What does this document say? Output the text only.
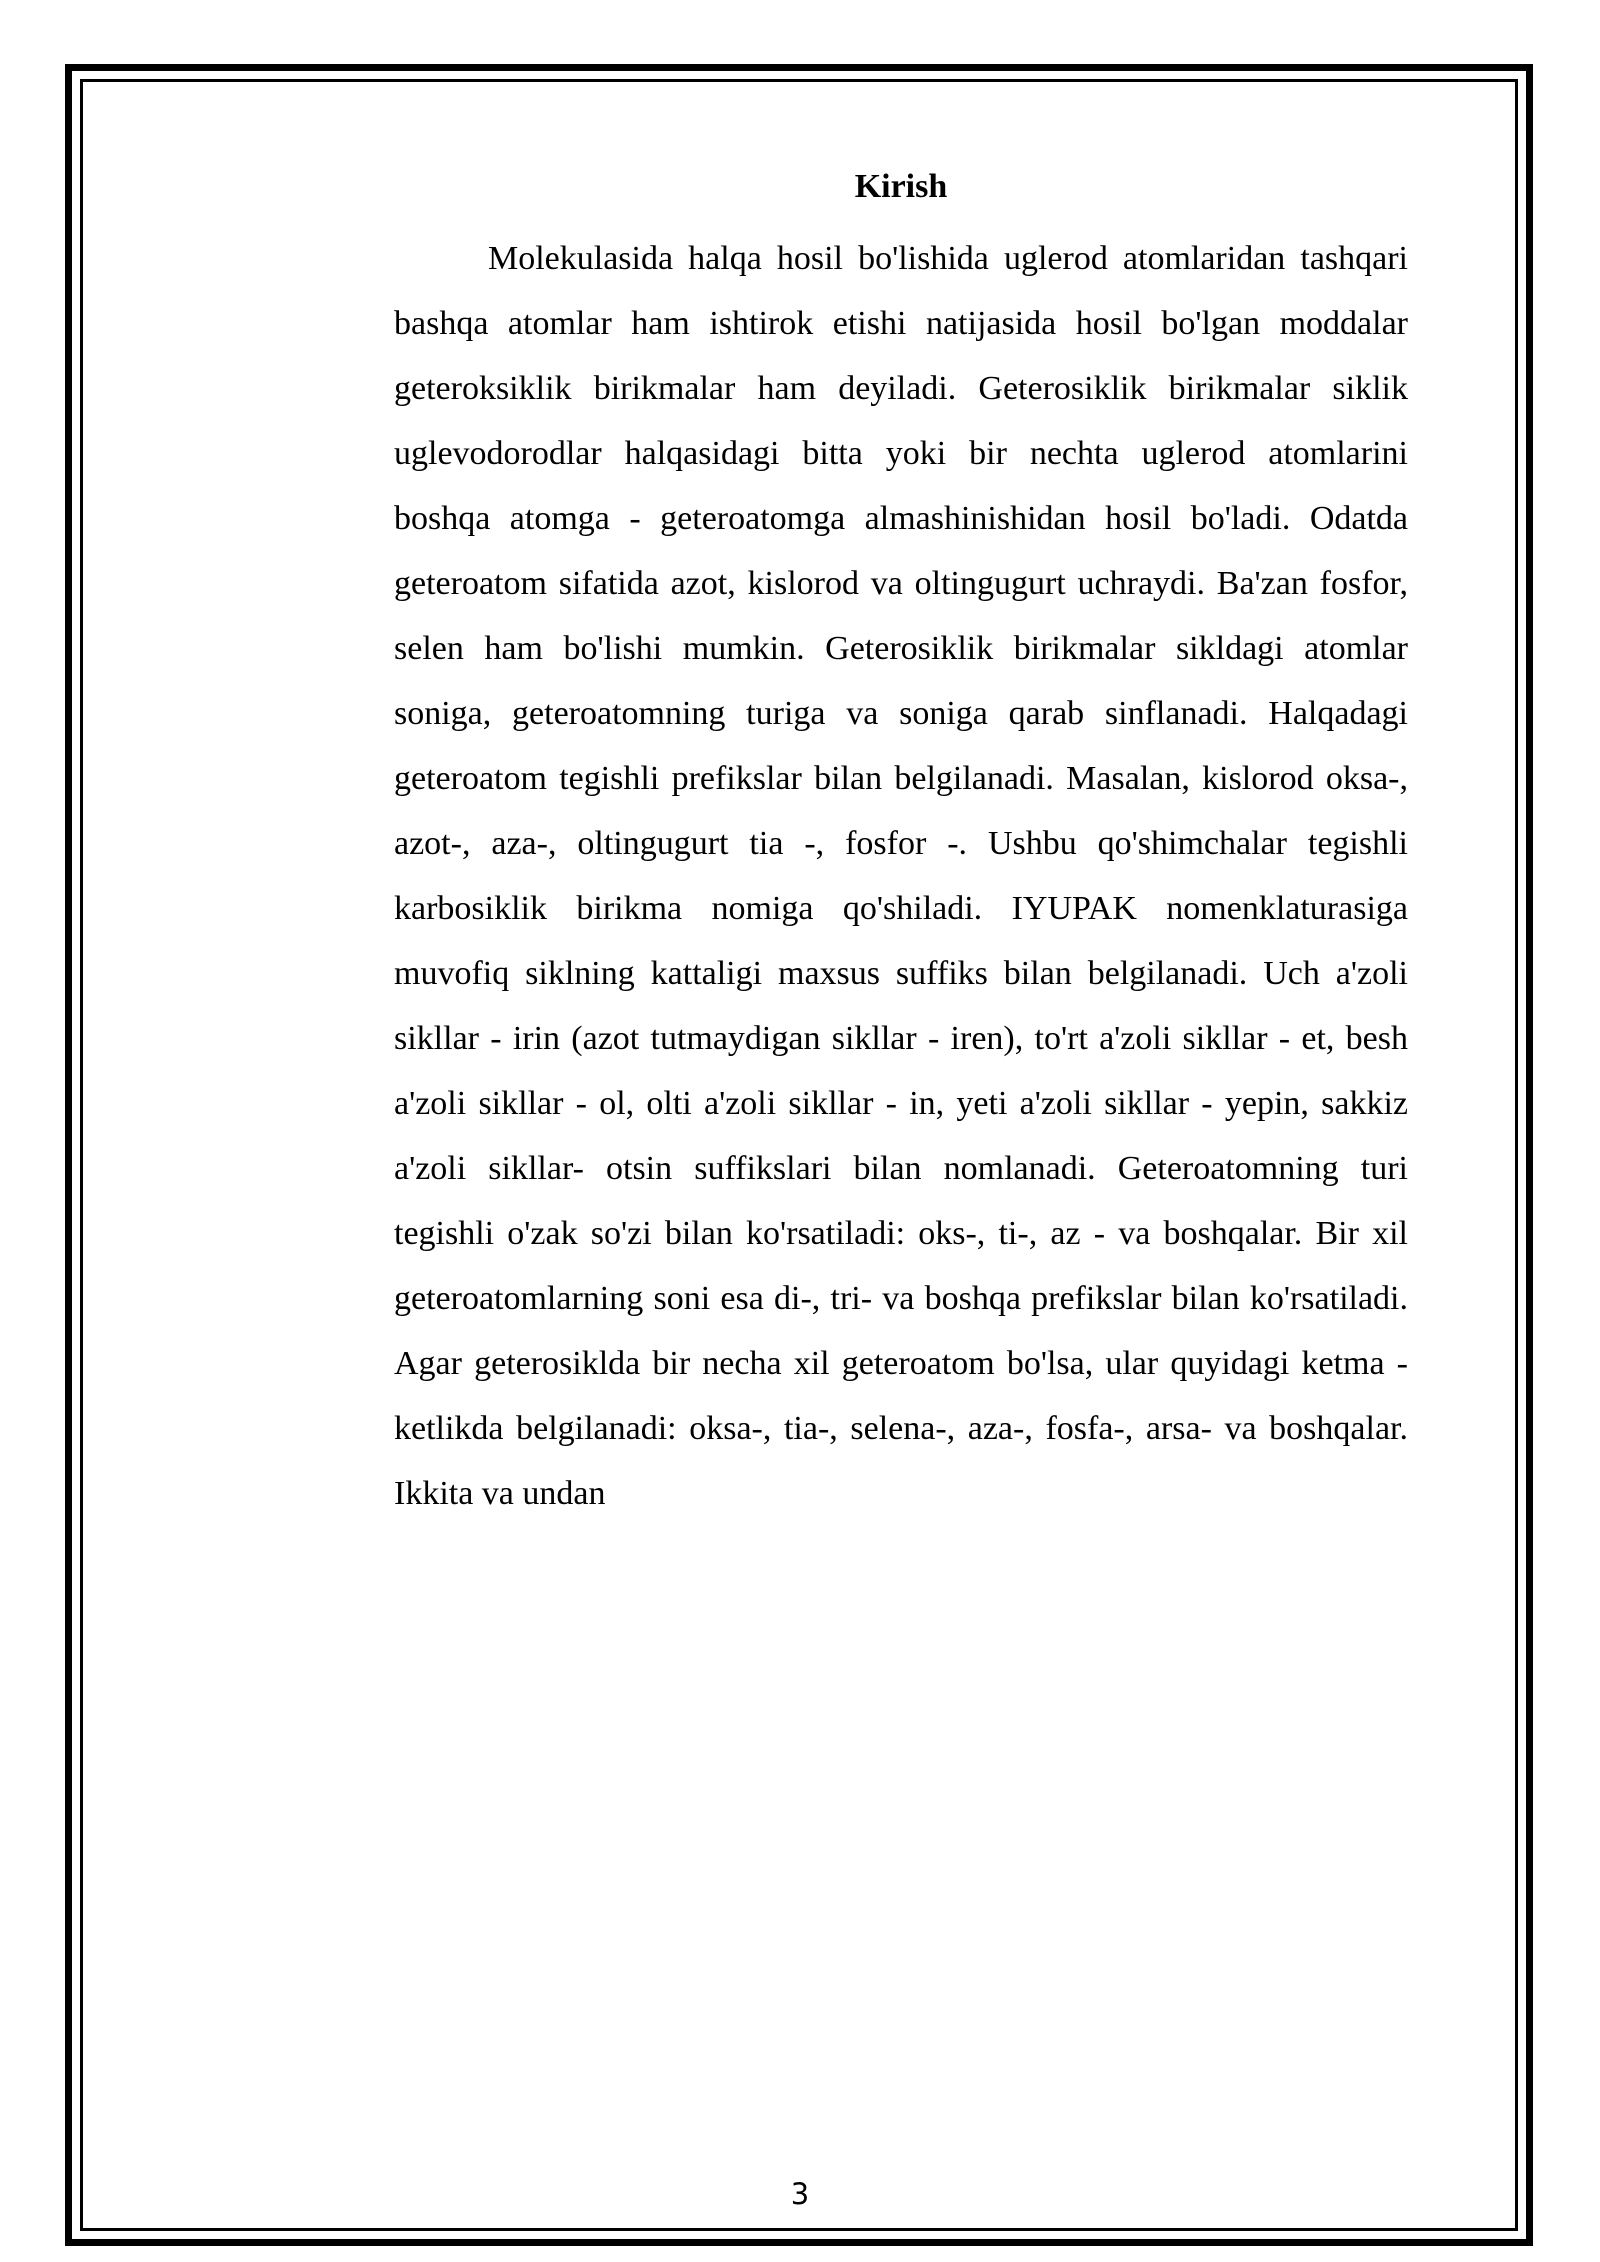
Kirish

Molekulasida halqa hosil bo'lishida uglerod atomlaridan tashqari bashqa atomlar ham ishtirok etishi natijasida hosil bo'lgan moddalar geteroksiklik birikmalar ham deyiladi. Geterosiklik birikmalar siklik uglevodorodlar halqasidagi bitta yoki bir nechta uglerod atomlarini boshqa atomga - geteroatomga almashinishidan hosil bo'ladi. Odatda geteroatom sifatida azot, kislorod va oltingugurt uchraydi. Ba'zan fosfor, selen ham bo'lishi mumkin. Geterosiklik birikmalar sikldagi atomlar soniga, geteroatomning turiga va soniga qarab sinflanadi. Halqadagi geteroatom tegishli prefikslar bilan belgilanadi. Masalan, kislorod oksa-, azot-, aza-, oltingugurt tia -, fosfor -. Ushbu qo'shimchalar tegishli karbosiklik birikma nomiga qo'shiladi. IYUPAK nomenklaturasiga muvofiq siklning kattaligi maxsus suffiks bilan belgilanadi. Uch a'zoli sikllar - irin (azot tutmaydigan sikllar - iren), to'rt a'zoli sikllar - et, besh a'zoli sikllar - ol, olti a'zoli sikllar - in, yeti a'zoli sikllar - yepin, sakkiz a'zoli sikllar- otsin suffikslari bilan nomlanadi. Geteroatomning turi tegishli o'zak so'zi bilan ko'rsatiladi: oks-, ti-, az - va boshqalar. Bir xil geteroatomlarning soni esa di-, tri- va boshqa prefikslar bilan ko'rsatiladi. Agar geterosiklda bir necha xil geteroatom bo'lsa, ular quyidagi ketma - ketlikda belgilanadi: oksa-, tia-, selena-, aza-, fosfa-, arsa- va boshqalar. Ikkita va undan

3
